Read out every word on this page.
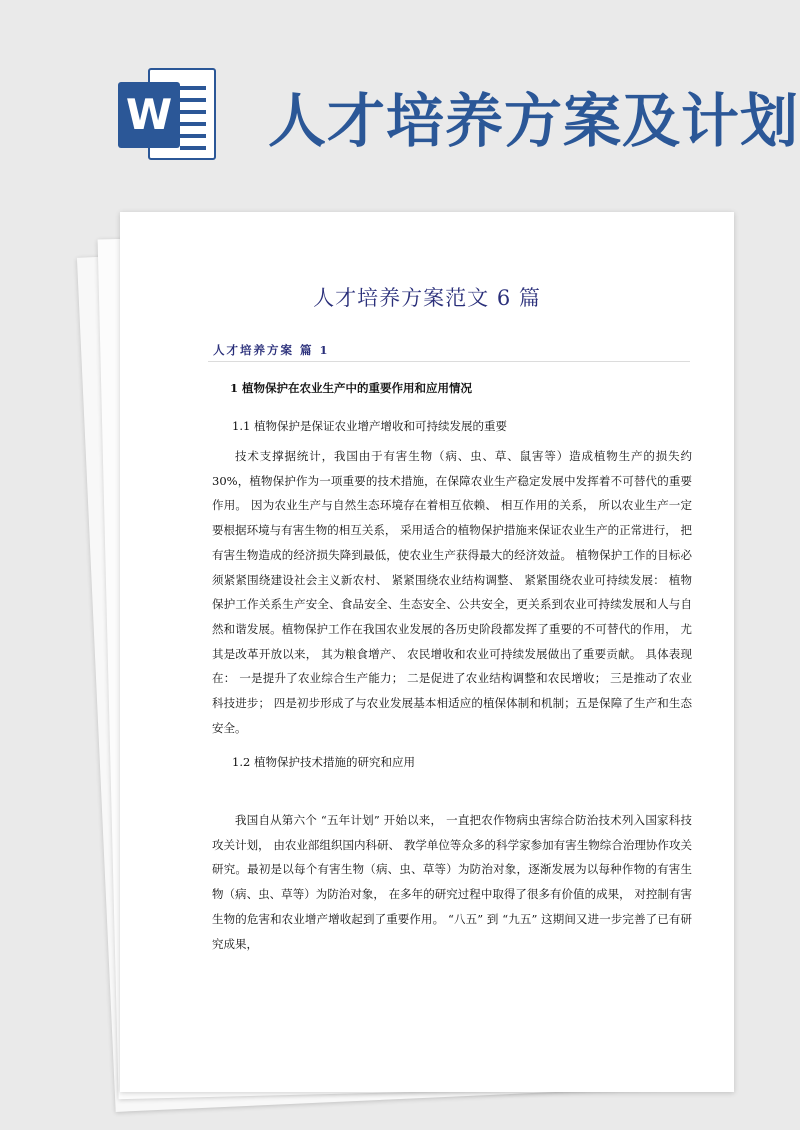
W 人才培养方案及计划
人才培养方案范文 6 篇

人才培养方案 篇 1

1 植物保护在农业生产中的重要作用和应用情况

1.1 植物保护是保证农业增产增收和可持续发展的重要

技术支撑据统计，我国由于有害生物（病、虫、草、鼠害等）造成植物生产的损失约 30%，植物保护作为一项重要的技术措施，在保障农业生产稳定发展中发挥着不可替代的重要作用。 因为农业生产与自然生态环境存在着相互依赖、 相互作用的关系， 所以农业生产一定要根据环境与有害生物的相互关系， 采用适合的植物保护措施来保证农业生产的正常进行， 把有害生物造成的经济损失降到最低，使农业生产获得最大的经济效益。 植物保护工作的目标必须紧紧围绕建设社会主义新农村、 紧紧围绕农业结构调整、 紧紧围绕农业可持续发展： 植物保护工作关系生产安全、食品安全、生态安全、公共安全，更关系到农业可持续发展和人与自然和谐发展。植物保护工作在我国农业发展的各历史阶段都发挥了重要的不可替代的作用， 尤其是改革开放以来， 其为粮食增产、 农民增收和农业可持续发展做出了重要贡献。 具体表现在： 一是提升了农业综合生产能力； 二是促进了农业结构调整和农民增收； 三是推动了农业科技进步； 四是初步形成了与农业发展基本相适应的植保体制和机制；五是保障了生产和生态安全。

1.2 植物保护技术措施的研究和应用

我国自从第六个 “五年计划” 开始以来， 一直把农作物病虫害综合防治技术列入国家科技攻关计划， 由农业部组织国内科研、 教学单位等众多的科学家参加有害生物综合治理协作攻关研究。最初是以每个有害生物（病、虫、草等）为防治对象，逐渐发展为以每种作物的有害生物（病、虫、草等）为防治对象， 在多年的研究过程中取得了很多有价值的成果， 对控制有害生物的危害和农业增产增收起到了重要作用。 “八五” 到 “九五” 这期间又进一步完善了已有研究成果，
